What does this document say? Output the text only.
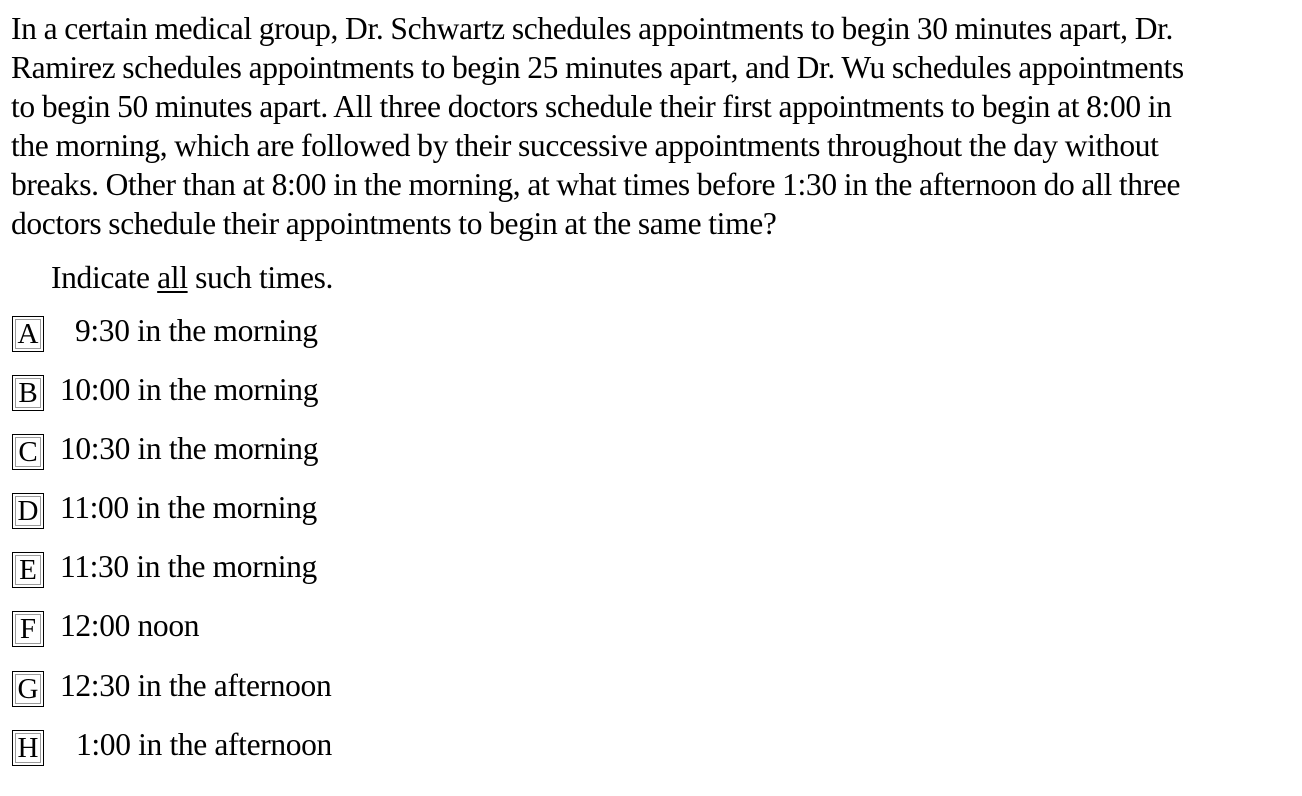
In a certain medical group, Dr. Schwartz schedules appointments to begin 30 minutes apart, Dr.
Ramirez schedules appointments to begin 25 minutes apart, and Dr. Wu schedules appointments
to begin 50 minutes apart. All three doctors schedule their first appointments to begin at 8:00 in
the morning, which are followed by their successive appointments throughout the day without
breaks. Other than at 8:00 in the morning, at what times before 1:30 in the afternoon do all three
doctors schedule their appointments to begin at the same time?
Indicate all such times.
A 9:30 in the morning
B 10:00 in the morning
C 10:30 in the morning
D 11:00 in the morning
E 11:30 in the morning
F 12:00 noon
G 12:30 in the afternoon
H 1:00 in the afternoon
